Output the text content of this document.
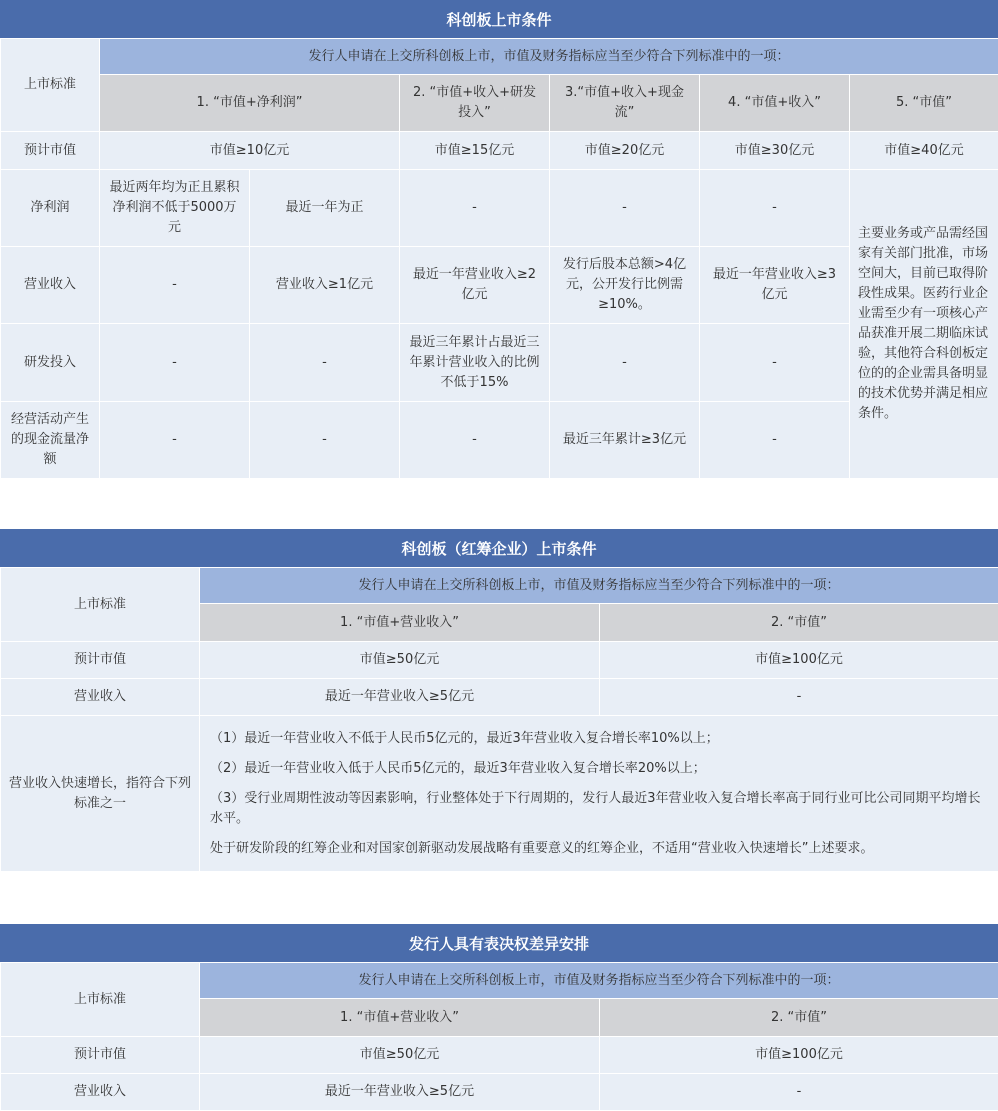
科创板上市条件
上市标准	发行人申请在上交所科创板上市，市值及财务指标应当至少符合下列标准中的一项：					
	1. “市值+净利润”		2. “市值+收入+研发投入”	3.“市值+收入+现金流”	4. “市值+收入”	5. “市值”
预计市值	市值≥10亿元		市值≥15亿元	市值≥20亿元	市值≥30亿元	市值≥40亿元
净利润	最近两年均为正且累积净利润不低于5000万元	最近一年为正	-	-	-	主要业务或产品需经国家有关部门批准，市场空间大，目前已取得阶段性成果。医药行业企业需至少有一项核心产品获准开展二期临床试验，其他符合科创板定位的的企业需具备明显的技术优势并满足相应条件。
营业收入	-	营业收入≥1亿元	最近一年营业收入≥2亿元	发行后股本总额>4亿元，公开发行比例需≥10%。	最近一年营业收入≥3亿元	
研发投入	-	-	最近三年累计占最近三年累计营业收入的比例不低于15%	-	-	
经营活动产生的现金流量净额	-	-	-	最近三年累计≥3亿元	-	
科创板（红筹企业）上市条件
上市标准	发行人申请在上交所科创板上市，市值及财务指标应当至少符合下列标准中的一项：	
	1. “市值+营业收入”	2. “市值”
预计市值	市值≥50亿元	市值≥100亿元
营业收入	最近一年营业收入≥5亿元	-
营业收入快速增长，指符合下列标准之一	（1）最近一年营业收入不低于人民币5亿元的，最近3年营业收入复合增长率10%以上；

（2）最近一年营业收入低于人民币5亿元的，最近3年营业收入复合增长率20%以上；

（3）受行业周期性波动等因素影响，行业整体处于下行周期的，发行人最近3年营业收入复合增长率高于同行业可比公司同期平均增长水平。

处于研发阶段的红筹企业和对国家创新驱动发展战略有重要意义的红筹企业，不适用“营业收入快速增长”上述要求。	

发行人具有表决权差异安排
上市标准	发行人申请在上交所科创板上市，市值及财务指标应当至少符合下列标准中的一项：	
	1. “市值+营业收入”	2. “市值”
预计市值	市值≥50亿元	市值≥100亿元
营业收入	最近一年营业收入≥5亿元	-
